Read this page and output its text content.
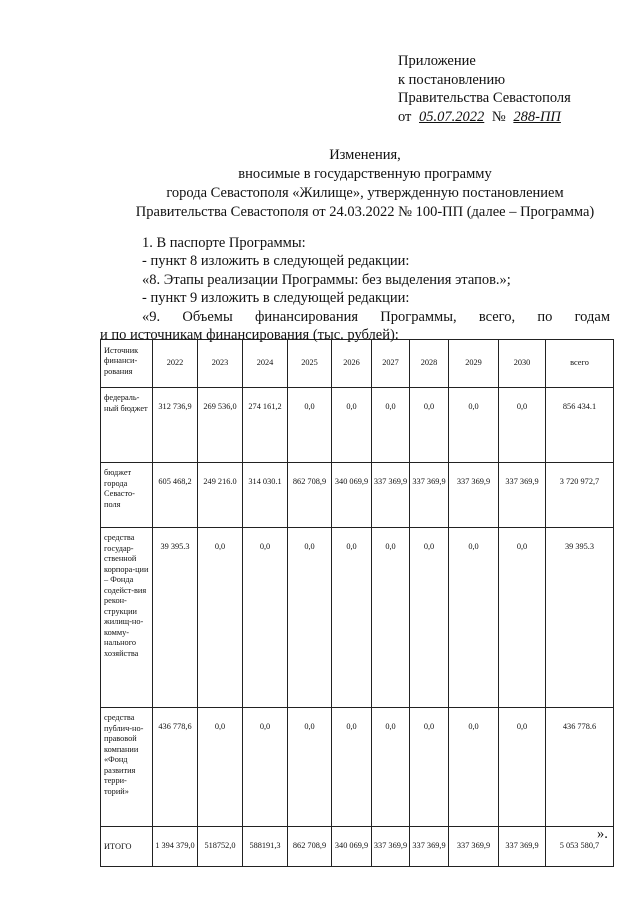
Приложение
к постановлению
Правительства Севастополя
от 05.07.2022 № 288-ПП
Изменения,
вносимые в государственную программу
города Севастополя «Жилище», утвержденную постановлением
Правительства Севастополя от 24.03.2022 № 100-ПП (далее – Программа)
1. В паспорте Программы:
- пункт 8 изложить в следующей редакции:
«8. Этапы реализации Программы: без выделения этапов.»;
- пункт 9 изложить в следующей редакции:
«9. Объемы финансирования Программы, всего, по годам
и по источникам финансирования (тыс. рублей):
Источник финанси-рования	2022	2023	2024	2025	2026	2027	2028	2029	2030	всего
федераль-ный бюджет	312 736,9	269 536,0	274 161,2	0,0	0,0	0,0	0,0	0,0	0,0	856 434.1
бюджет города Севасто-поля	605 468,2	249 216.0	314 030.1	862 708,9	340 069,9	337 369,9	337 369,9	337 369,9	337 369,9	3 720 972,7
средства государ-ственной корпора-ции – Фонда содейст-вия рекон-струкции жилищ-но-комму-нального хозяйства	39 395.3	0,0	0,0	0,0	0,0	0,0	0,0	0,0	0,0	39 395.3
средства публич-но-правовой компании «Фонд развития терри-торий»	436 778,6	0,0	0,0	0,0	0,0	0,0	0,0	0,0	0,0	436 778.6
ИТОГО	1 394 379,0	518752,0	588191,3	862 708,9	340 069,9	337 369,9	337 369,9	337 369,9	337 369,9	5 053 580,7
».
